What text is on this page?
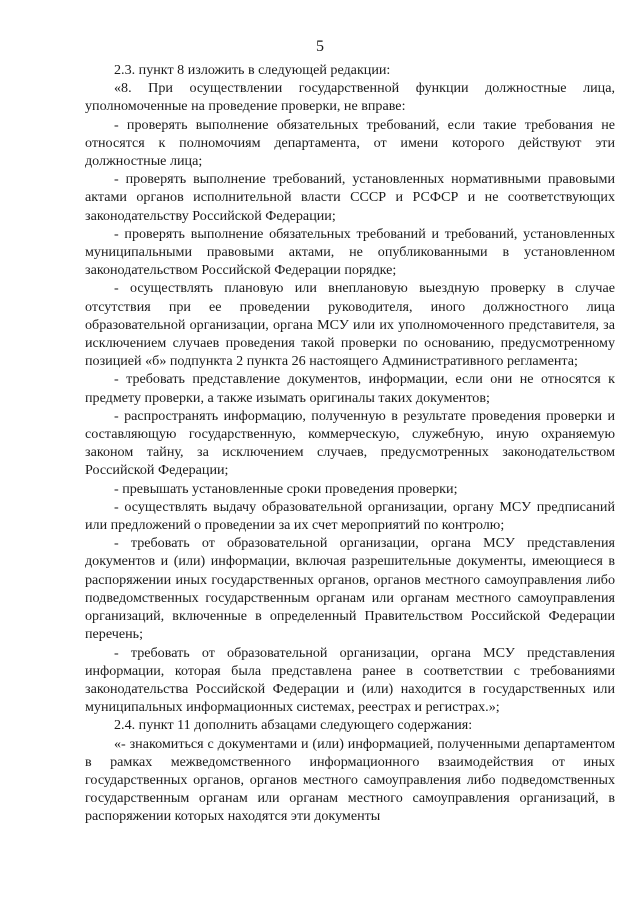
5

2.3. пункт 8 изложить в следующей редакции:

«8. При осуществлении государственной функции должностные лица, уполномоченные на проведение проверки, не вправе:

- проверять выполнение обязательных требований, если такие требования не относятся к полномочиям департамента, от имени которого действуют эти должностные лица;

- проверять выполнение требований, установленных нормативными правовыми актами органов исполнительной власти СССР и РСФСР и не соответствующих законодательству Российской Федерации;

- проверять выполнение обязательных требований и требований, установленных муниципальными правовыми актами, не опубликованными в установленном законодательством Российской Федерации порядке;

- осуществлять плановую или внеплановую выездную проверку в случае отсутствия при ее проведении руководителя, иного должностного лица образовательной организации, органа МСУ или их уполномоченного представителя, за исключением случаев проведения такой проверки по основанию, предусмотренному позицией «б» подпункта 2 пункта 26 настоящего Административного регламента;

- требовать представление документов, информации, если они не относятся к предмету проверки, а также изымать оригиналы таких документов;

- распространять информацию, полученную в результате проведения проверки и составляющую государственную, коммерческую, служебную, иную охраняемую законом тайну, за исключением случаев, предусмотренных законодательством Российской Федерации;

- превышать установленные сроки проведения проверки;

- осуществлять выдачу образовательной организации, органу МСУ предписаний или предложений о проведении за их счет мероприятий по контролю;

- требовать от образовательной организации, органа МСУ представления документов и (или) информации, включая разрешительные документы, имеющиеся в распоряжении иных государственных органов, органов местного самоуправления либо подведомственных государственным органам или органам местного самоуправления организаций, включенные в определенный Правительством Российской Федерации перечень;

- требовать от образовательной организации, органа МСУ представления информации, которая была представлена ранее в соответствии с требованиями законодательства Российской Федерации и (или) находится в государственных или муниципальных информационных системах, реестрах и регистрах.»;

2.4. пункт 11 дополнить абзацами следующего содержания:

«- знакомиться с документами и (или) информацией, полученными департаментом в рамках межведомственного информационного взаимодействия от иных государственных органов, органов местного самоуправления либо подведомственных государственным органам или органам местного самоуправления организаций, в распоряжении которых находятся эти документы
